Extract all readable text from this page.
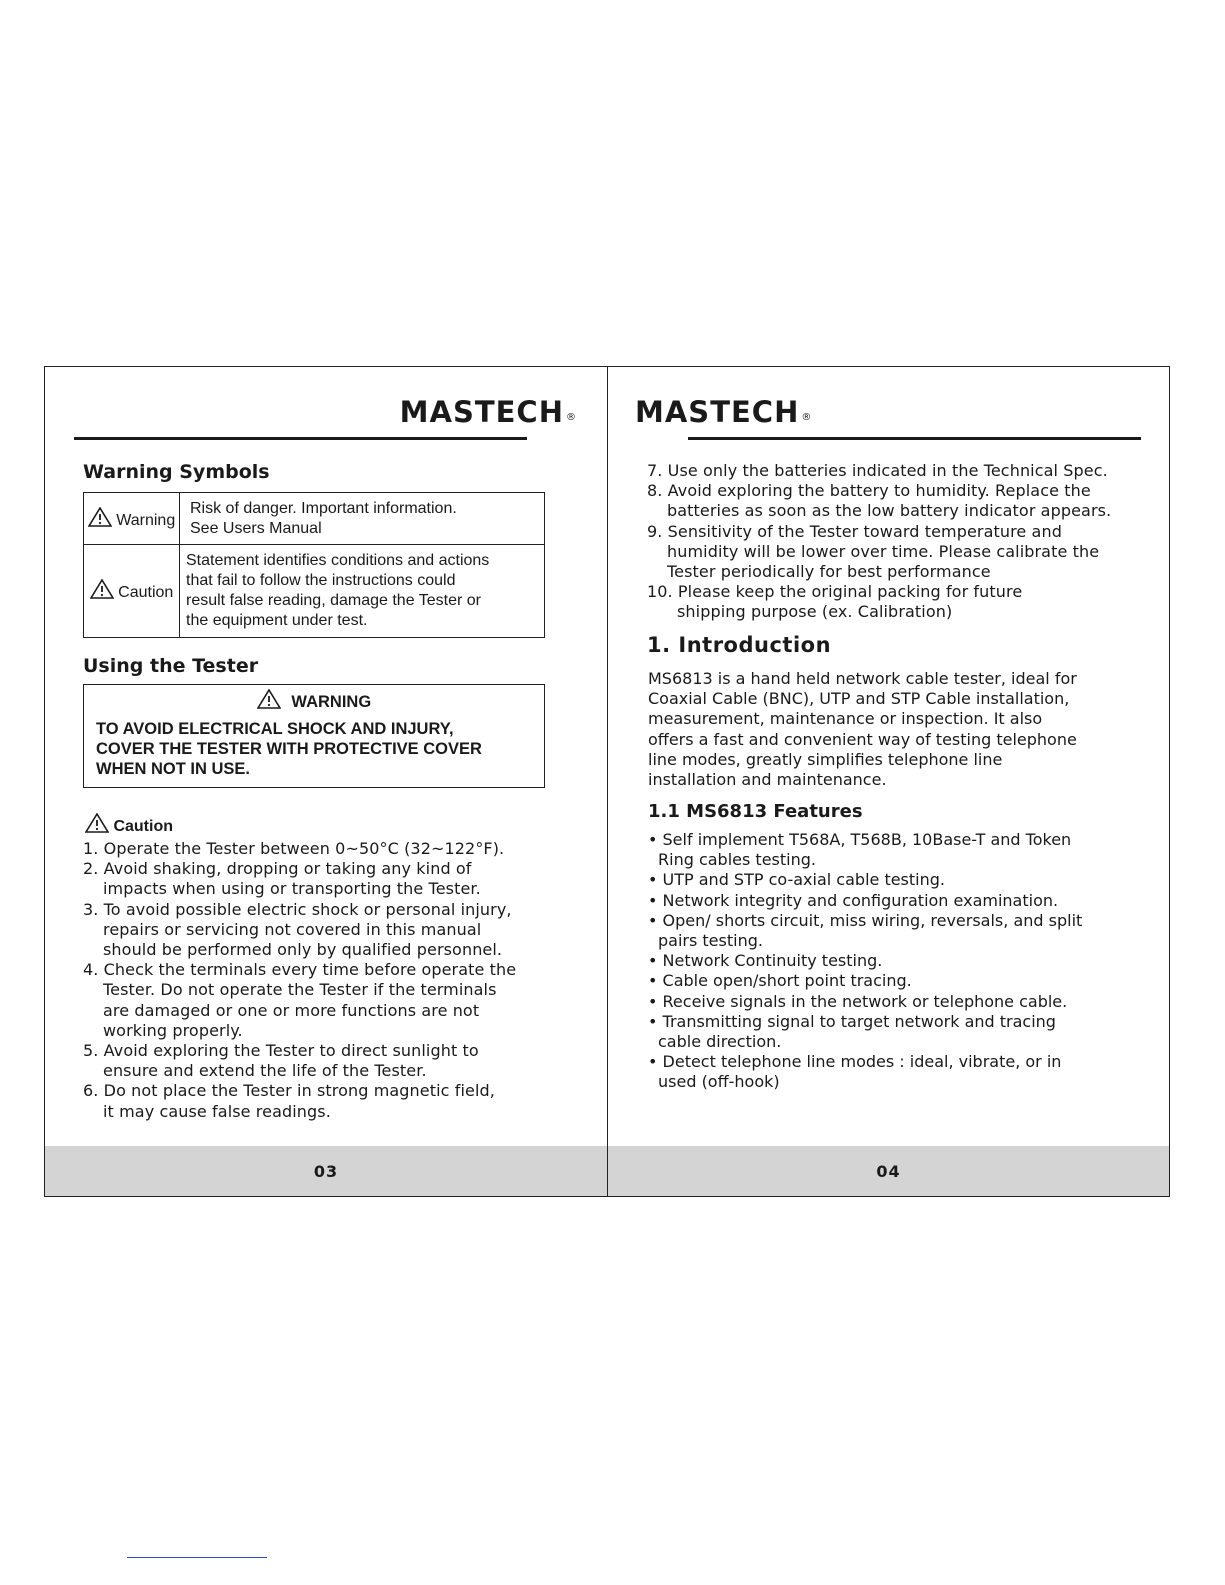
MASTECH ®
Warning Symbols
Warning	Risk of danger. Important information.
See Users Manual

Caution	Statement identifies conditions and actions
that fail to follow the instructions could
result false reading, damage the Tester or
the equipment under test.
Using the Tester
WARNING
TO AVOID ELECTRICAL SHOCK AND INJURY,
COVER THE TESTER WITH PROTECTIVE COVER
WHEN NOT IN USE.
Caution
1. Operate the Tester between 0~50°C (32~122°F).
2. Avoid shaking, dropping or taking any kind of
impacts when using or transporting the Tester.
3. To avoid possible electric shock or personal injury,
repairs or servicing not covered in this manual
should be performed only by qualified personnel.
4. Check the terminals every time before operate the
Tester. Do not operate the Tester if the terminals
are damaged or one or more functions are not
working properly.
5. Avoid exploring the Tester to direct sunlight to
ensure and extend the life of the Tester.
6. Do not place the Tester in strong magnetic field,
it may cause false readings.
03
MASTECH ®
7. Use only the batteries indicated in the Technical Spec.
8. Avoid exploring the battery to humidity. Replace the
batteries as soon as the low battery indicator appears.
9. Sensitivity of the Tester toward temperature and
humidity will be lower over time. Please calibrate the
Tester periodically for best performance
10. Please keep the original packing for future
shipping purpose (ex. Calibration)
1. Introduction
MS6813 is a hand held network cable tester, ideal for
Coaxial Cable (BNC), UTP and STP Cable installation,
measurement, maintenance or inspection. It also
offers a fast and convenient way of testing telephone
line modes, greatly simplifies telephone line
installation and maintenance.
1.1 MS6813 Features
• Self implement T568A, T568B, 10Base-T and Token
Ring cables testing.
• UTP and STP co-axial cable testing.
• Network integrity and configuration examination.
• Open/ shorts circuit, miss wiring, reversals, and split
pairs testing.
• Network Continuity testing.
• Cable open/short point tracing.
• Receive signals in the network or telephone cable.
• Transmitting signal to target network and tracing
cable direction.
• Detect telephone line modes : ideal, vibrate, or in
used (off-hook)
04
